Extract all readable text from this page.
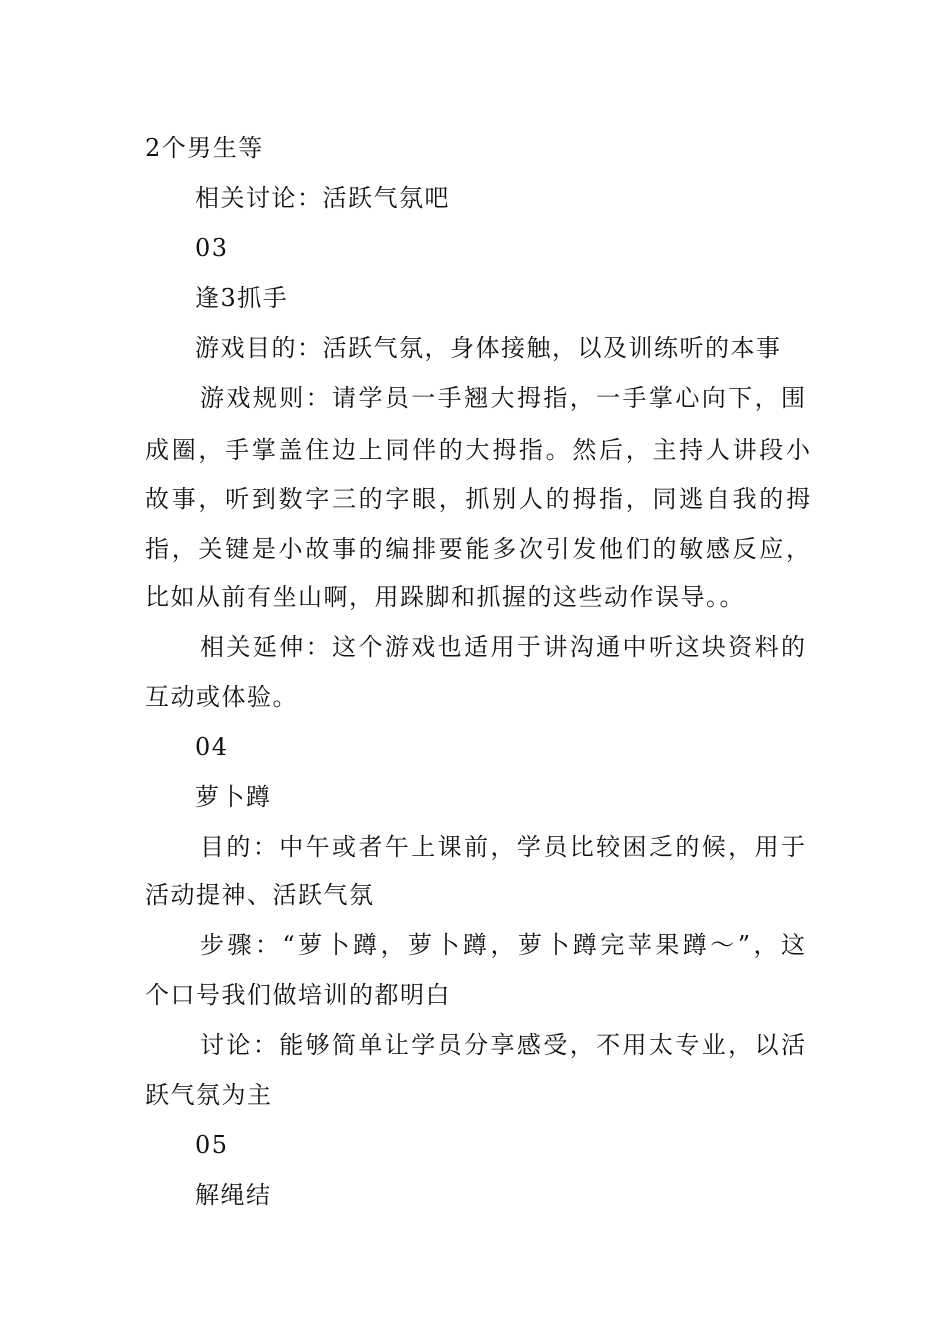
2个男生等

相关讨论：活跃气氛吧

03

逢3抓手

游戏目的：活跃气氛，身体接触，以及训练听的本事

游戏规则：请学员一手翘大拇指，一手掌心向下，围

成圈，手掌盖住边上同伴的大拇指。然后，主持人讲段小

故事，听到数字三的字眼，抓别人的拇指，同逃自我的拇

指，关键是小故事的编排要能多次引发他们的敏感反应，

比如从前有坐山啊，用跺脚和抓握的这些动作误导。。

相关延伸：这个游戏也适用于讲沟通中听这块资料的

互动或体验。

04

萝卜蹲

目的：中午或者午上课前，学员比较困乏的候，用于

活动提神、活跃气氛

步骤：“萝卜蹲，萝卜蹲，萝卜蹲完苹果蹲～”，这

个口号我们做培训的都明白

讨论：能够简单让学员分享感受，不用太专业，以活

跃气氛为主

05

解绳结
